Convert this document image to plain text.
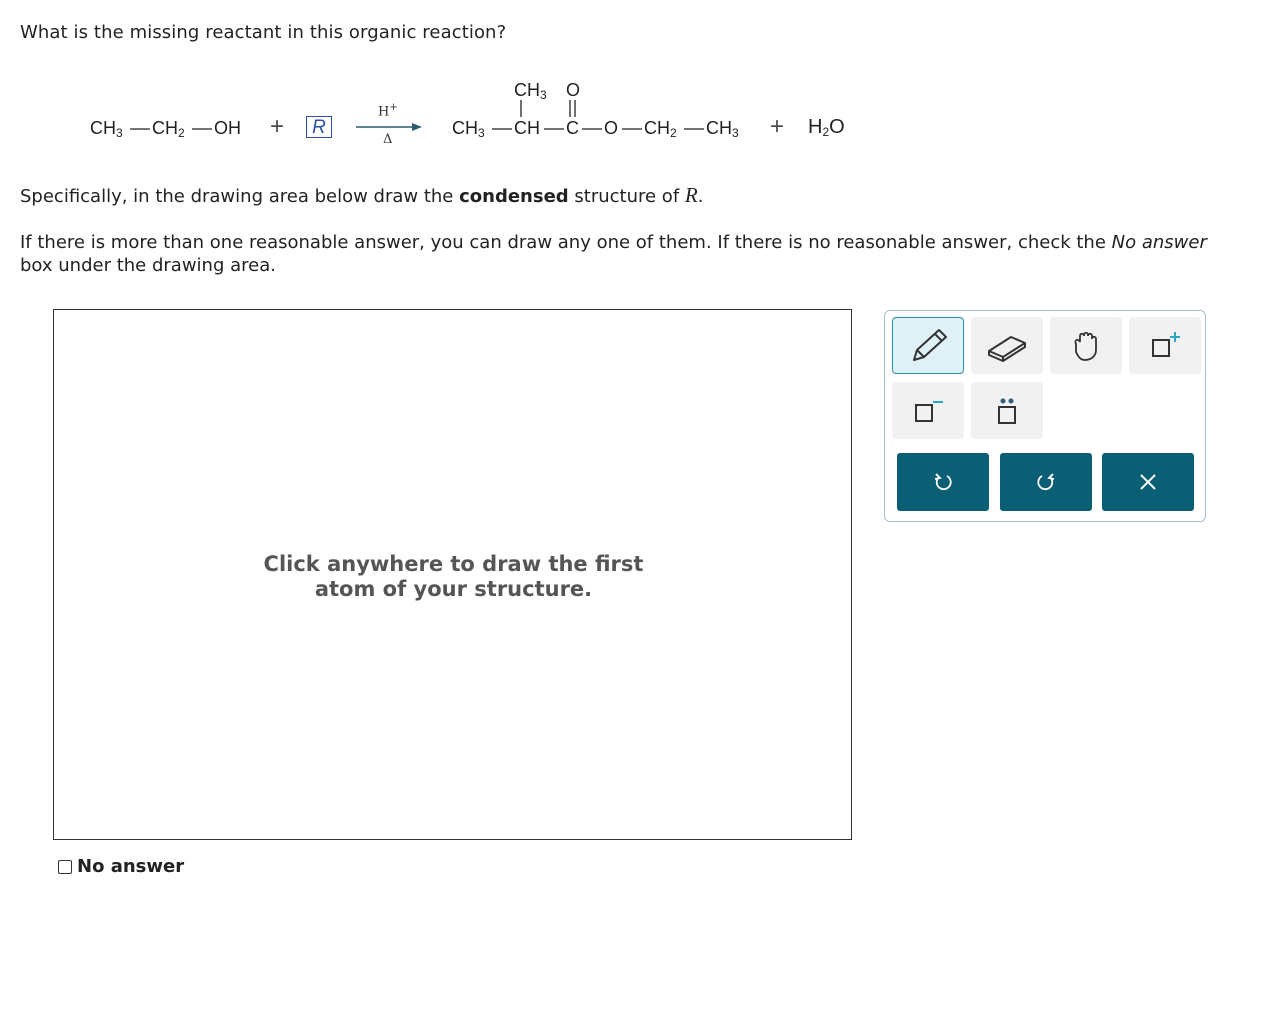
What is the missing reactant in this organic reaction?
$CH_3$ $CH_2$ OH +	R
H+
Δ
$CH_3$ O
$CH_3$ CH C O $CH_2$ $CH_3 + H_2O$
Specifically, in the drawing area below draw the condensed structure of R.
If there is more than one reasonable answer, you can draw any one of them. If there is no reasonable answer, check the No answer
box under the drawing area.
Click anywhere to draw the first
atom of your structure.
No answer
